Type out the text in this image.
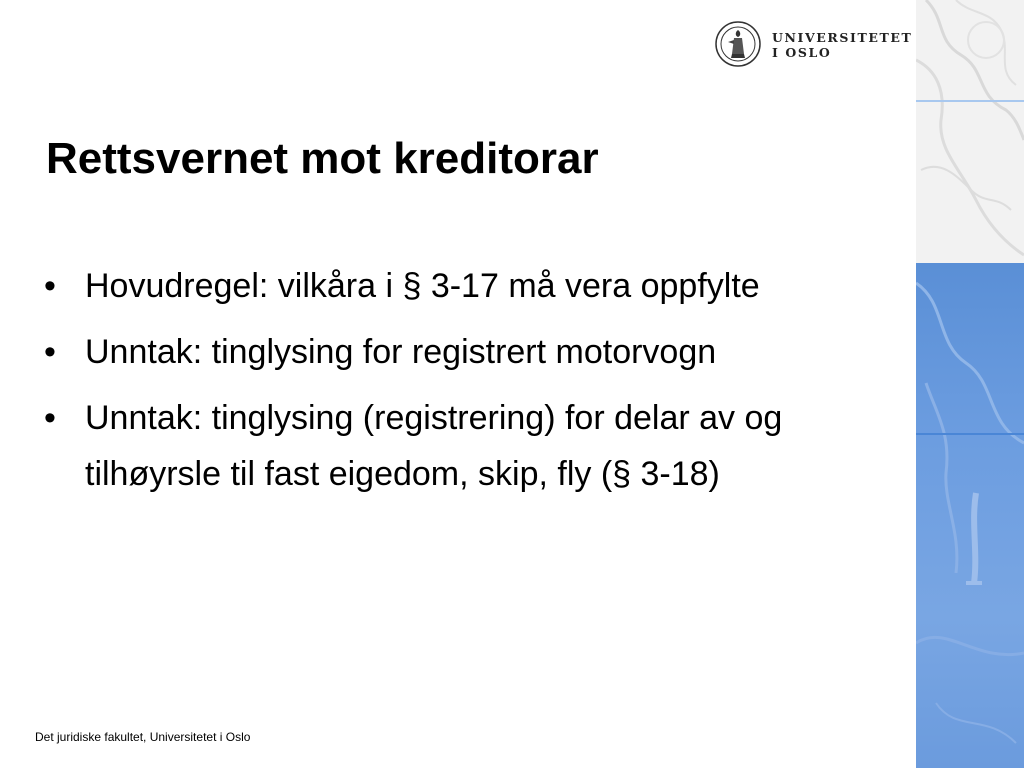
UNIVERSITETET
I OSLO
Rettsvernet mot kreditorar
• Hovudregel: vilkåra i § 3-17 må vera oppfylte
• Unntak: tinglysing for registrert motorvogn
• Unntak: tinglysing (registrering) for delar av og tilhøyrsle til fast eigedom, skip, fly (§ 3-18)
Det juridiske fakultet, Universitetet i Oslo
